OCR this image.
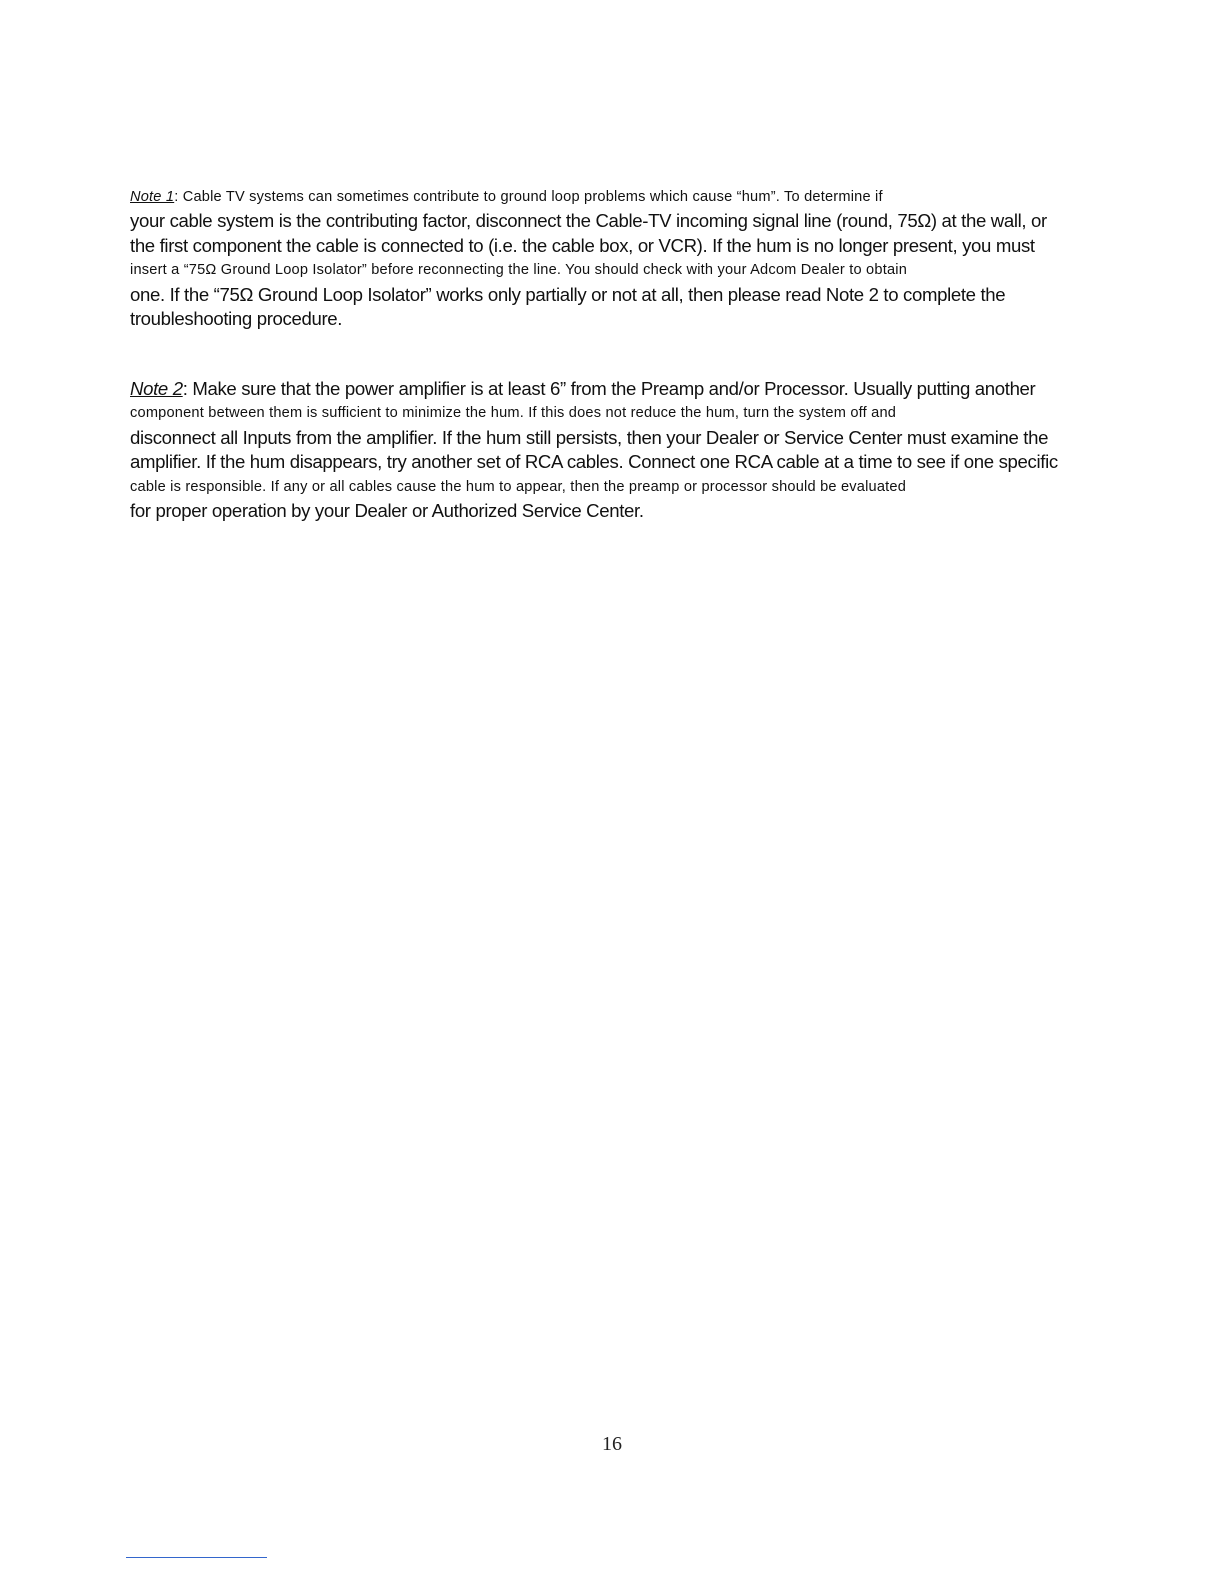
Note 1: Cable TV systems can sometimes contribute to ground loop problems which cause “hum”. To determine if
your cable system is the contributing factor, disconnect the Cable-TV incoming signal line (round, 75Ω) at the wall, or
the first component the cable is connected to (i.e. the cable box, or VCR). If the hum is no longer present, you must
insert a “75Ω Ground Loop Isolator” before reconnecting the line. You should check with your Adcom Dealer to obtain
one. If the “75Ω Ground Loop Isolator” works only partially or not at all, then please read Note 2 to complete the
troubleshooting procedure.
Note 2: Make sure that the power amplifier is at least 6” from the Preamp and/or Processor. Usually putting another
component between them is sufficient to minimize the hum. If this does not reduce the hum, turn the system off and
disconnect all Inputs from the amplifier. If the hum still persists, then your Dealer or Service Center must examine the
amplifier. If the hum disappears, try another set of RCA cables. Connect one RCA cable at a time to see if one specific
cable is responsible. If any or all cables cause the hum to appear, then the preamp or processor should be evaluated
for proper operation by your Dealer or Authorized Service Center.
16
